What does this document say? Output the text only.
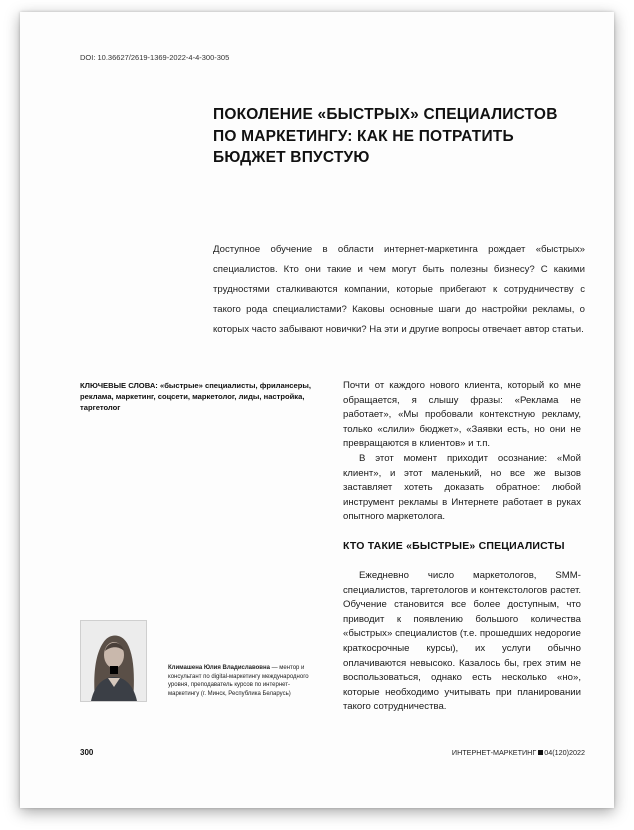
DOI: 10.36627/2619-1369-2022-4-4-300-305
ПОКОЛЕНИЕ «БЫСТРЫХ» СПЕЦИАЛИСТОВ
ПО МАРКЕТИНГУ: КАК НЕ ПОТРАТИТЬ
БЮДЖЕТ ВПУСТУЮ

Доступное обучение в области интернет-маркетинга рождает «быстрых» специалистов. Кто они такие и чем могут быть полезны бизнесу? С какими трудностями сталкиваются компании, которые прибегают к сотрудничеству с такого рода специалистами? Каковы основные шаги до настройки рекламы, о которых часто забывают новички? На эти и другие вопросы отвечает автор статьи.

КЛЮЧЕВЫЕ СЛОВА: «быстрые» специалисты, фрилансеры, реклама, маркетинг, соцсети, маркетолог, лиды, настройка, таргетолог

Почти от каждого нового клиента, который ко мне обращается, я слышу фразы: «Реклама не работает», «Мы пробовали контекстную рекламу, только «слили» бюджет», «Заявки есть, но они не превращаются в клиентов» и т.п.

В этот момент приходит осознание: «Мой клиент», и этот маленький, но все же вызов заставляет хотеть доказать обратное: любой инструмент рекламы в Интернете работает в руках опытного маркетолога.

КТО ТАКИЕ «БЫСТРЫЕ» СПЕЦИАЛИСТЫ

Ежедневно число маркетологов, SMM-специалистов, таргетологов и контекстологов растет. Обучение становится все более доступным, что приводит к появлению большого количества «быстрых» специалистов (т.е. прошедших недорогие краткосрочные курсы), их услуги обычно оплачиваются невысоко. Казалось бы, грех этим не воспользоваться, однако есть несколько «но», которые необходимо учитывать при планировании такого сотрудничества.

Климашена Юлия Владиславовна — ментор и консультант по digital-маркетингу международного уровня, преподаватель курсов по интернет-маркетингу (г. Минск, Республика Беларусь)
300	ИНТЕРНЕТ-МАРКЕТИНГ 04(120)2022
